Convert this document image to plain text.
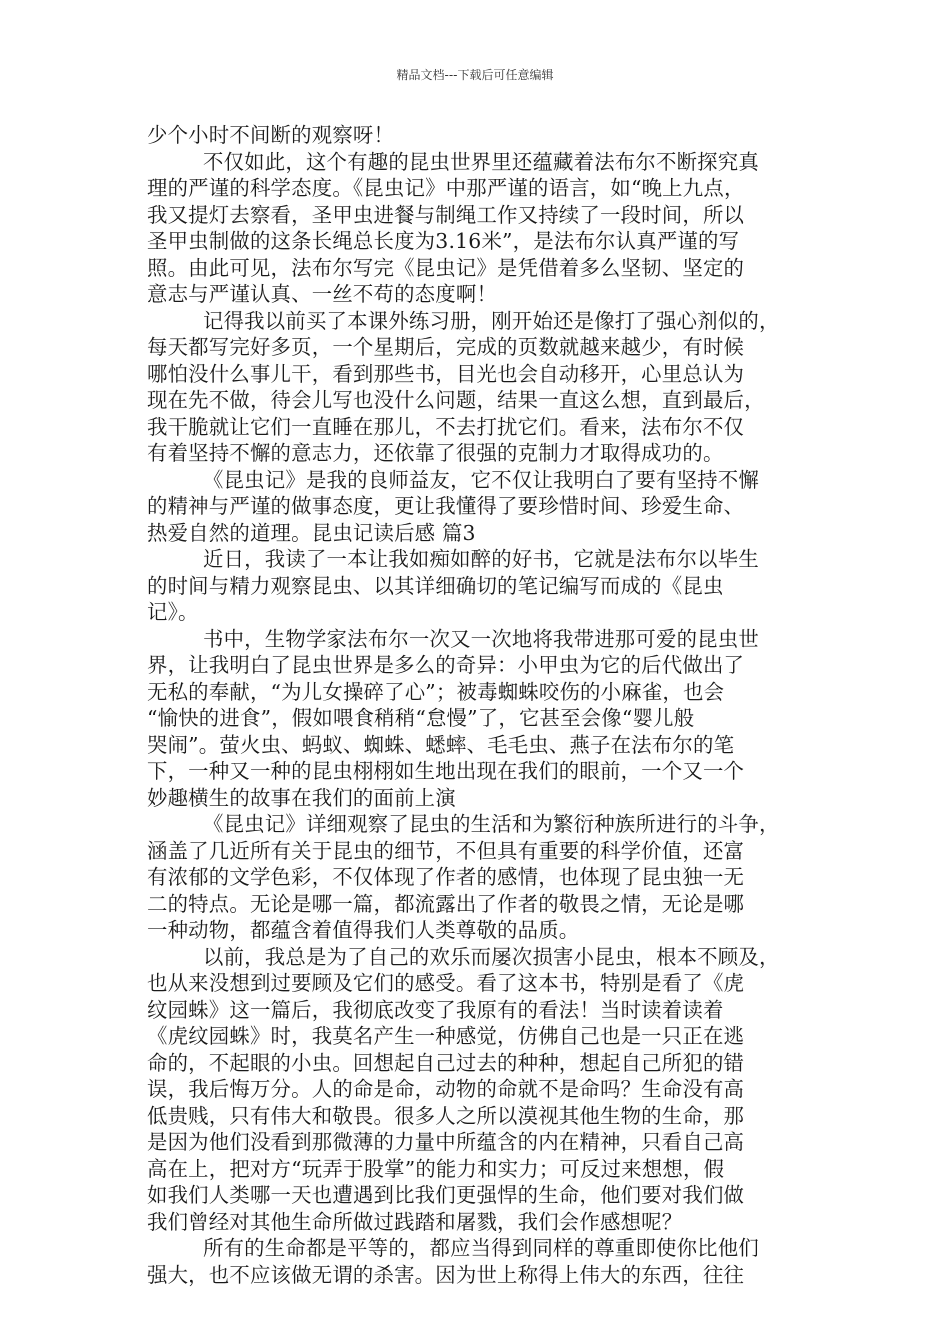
精品文档---下载后可任意编辑
少个小时不间断的观察呀！
不仅如此，这个有趣的昆虫世界里还蕴藏着法布尔不断探究真
理的严谨的科学态度。《昆虫记》中那严谨的语言，如“晚上九点，
我又提灯去察看，圣甲虫进餐与制绳工作又持续了一段时间，所以
圣甲虫制做的这条长绳总长度为3.16米”，是法布尔认真严谨的写
照。由此可见，法布尔写完《昆虫记》是凭借着多么坚韧、坚定的
意志与严谨认真、一丝不苟的态度啊！
记得我以前买了本课外练习册，刚开始还是像打了强心剂似的，
每天都写完好多页，一个星期后，完成的页数就越来越少，有时候
哪怕没什么事儿干，看到那些书，目光也会自动移开，心里总认为
现在先不做，待会儿写也没什么问题，结果一直这么想，直到最后，
我干脆就让它们一直睡在那儿，不去打扰它们。看来，法布尔不仅
有着坚持不懈的意志力，还依靠了很强的克制力才取得成功的。
《昆虫记》是我的良师益友，它不仅让我明白了要有坚持不懈
的精神与严谨的做事态度，更让我懂得了要珍惜时间、珍爱生命、
热爱自然的道理。昆虫记读后感 篇3
近日，我读了一本让我如痴如醉的好书，它就是法布尔以毕生
的时间与精力观察昆虫、以其详细确切的笔记编写而成的《昆虫
记》。
书中，生物学家法布尔一次又一次地将我带进那可爱的昆虫世
界，让我明白了昆虫世界是多么的奇异：小甲虫为它的后代做出了
无私的奉献，“为儿女操碎了心”；被毒蜘蛛咬伤的小麻雀，也会
“愉快的进食”，假如喂食稍稍“怠慢”了，它甚至会像“婴儿般
哭闹”。萤火虫、蚂蚁、蜘蛛、蟋蟀、毛毛虫、燕子在法布尔的笔
下，一种又一种的昆虫栩栩如生地出现在我们的眼前，一个又一个
妙趣横生的故事在我们的面前上演
《昆虫记》详细观察了昆虫的生活和为繁衍种族所进行的斗争，
涵盖了几近所有关于昆虫的细节，不但具有重要的科学价值，还富
有浓郁的文学色彩，不仅体现了作者的感情，也体现了昆虫独一无
二的特点。无论是哪一篇，都流露出了作者的敬畏之情，无论是哪
一种动物，都蕴含着值得我们人类尊敬的品质。
以前，我总是为了自己的欢乐而屡次损害小昆虫，根本不顾及，
也从来没想到过要顾及它们的感受。看了这本书，特别是看了《虎
纹园蛛》这一篇后，我彻底改变了我原有的看法！当时读着读着
《虎纹园蛛》时，我莫名产生一种感觉，仿佛自己也是一只正在逃
命的，不起眼的小虫。回想起自己过去的种种，想起自己所犯的错
误，我后悔万分。人的命是命，动物的命就不是命吗？生命没有高
低贵贱，只有伟大和敬畏。很多人之所以漠视其他生物的生命，那
是因为他们没看到那微薄的力量中所蕴含的内在精神，只看自己高
高在上，把对方“玩弄于股掌”的能力和实力；可反过来想想，假
如我们人类哪一天也遭遇到比我们更强悍的生命，他们要对我们做
我们曾经对其他生命所做过践踏和屠戮，我们会作感想呢？
所有的生命都是平等的，都应当得到同样的尊重即使你比他们
强大，也不应该做无谓的杀害。因为世上称得上伟大的东西，往往
